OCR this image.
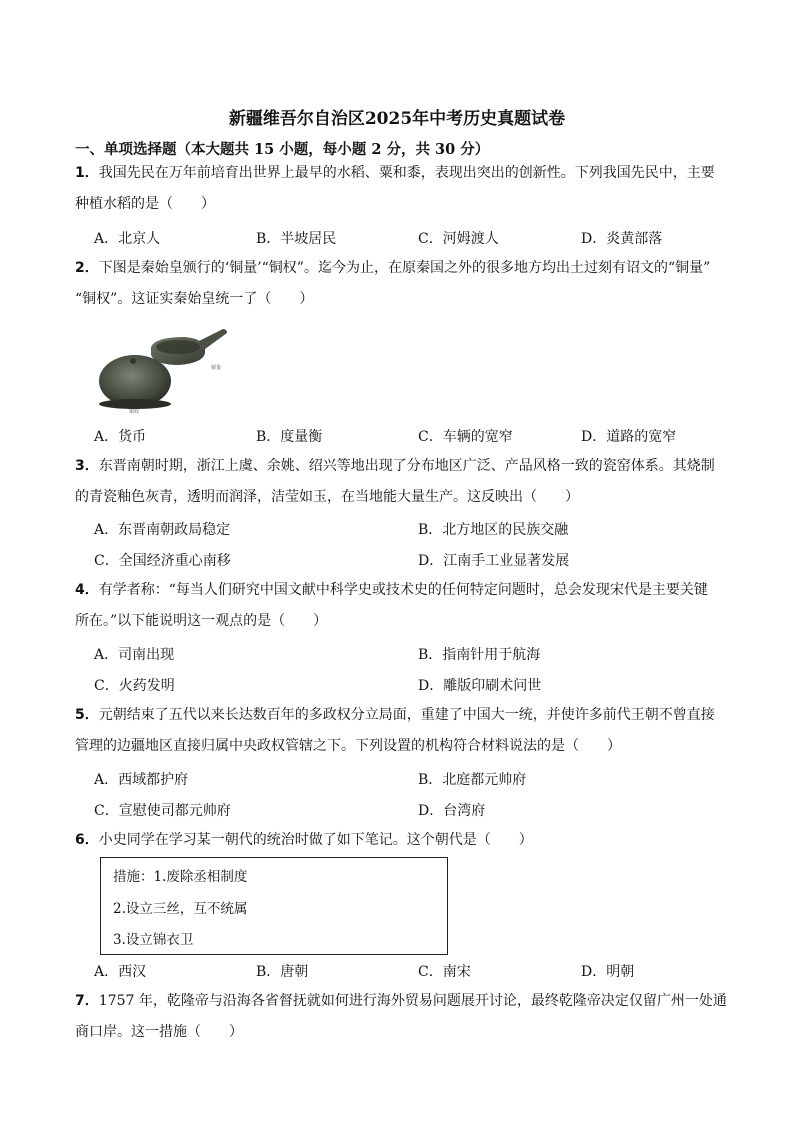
新疆维吾尔自治区2025年中考历史真题试卷
一、单项选择题（本大题共 15 小题，每小题 2 分，共 30 分）
1．我国先民在万年前培育出世界上最早的水稻、粟和黍，表现出突出的创新性。下列我国先民中，主要
种植水稻的是（　　）
A．北京人	B．半坡居民	C．河姆渡人	D．炎黄部落
2．下图是秦始皇颁行的‘铜量’“铜权”。迄今为止，在原秦国之外的很多地方均出土过刻有诏文的“铜量”
“铜权”。这证实秦始皇统一了（　　）
铜量
铜权
A．货币	B．度量衡	C．车辆的宽窄	D．道路的宽窄
3．东晋南朝时期，浙江上虞、余姚、绍兴等地出现了分布地区广泛、产品风格一致的瓷窑体系。其烧制
的青瓷釉色灰青，透明而润泽，洁莹如玉，在当地能大量生产。这反映出（　　）
A．东晋南朝政局稳定	B．北方地区的民族交融
C．全国经济重心南移	D．江南手工业显著发展
4．有学者称：“每当人们研究中国文献中科学史或技术史的任何特定问题时，总会发现宋代是主要关键
所在。”以下能说明这一观点的是（　　）
A．司南出现	B．指南针用于航海
C．火药发明	D．雕版印刷术问世
5．元朝结束了五代以来长达数百年的多政权分立局面，重建了中国大一统，并使许多前代王朝不曾直接
管理的边疆地区直接归属中央政权管辖之下。下列设置的机构符合材料说法的是（　　）
A．西域都护府	B．北庭都元帅府
C．宣慰使司都元帅府	D．台湾府
6．小史同学在学习某一朝代的统治时做了如下笔记。这个朝代是（　　）
措施：1.废除丞相制度
2.设立三丝，互不统属
3.设立锦衣卫
A．西汉	B．唐朝	C．南宋	D．明朝
7．1757 年，乾隆帝与沿海各省督抚就如何进行海外贸易问题展开讨论，最终乾隆帝决定仅留广州一处通
商口岸。这一措施（　　）
